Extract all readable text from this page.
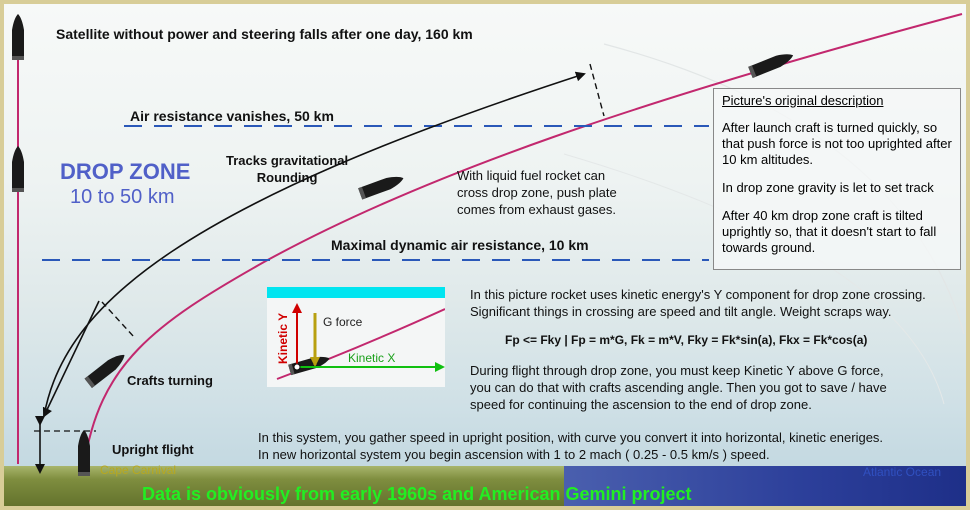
G force
Kinetic X
Kinetic Y
Satellite without power and steering falls after one day, 160 km
Air resistance vanishes, 50 km
Maximal dynamic air resistance, 10 km
Tracks gravitational
Rounding
Crafts turning
Upright flight
DROP ZONE
10 to 50 km
With liquid fuel rocket can
cross drop zone, push plate
comes from exhaust gases.
Picture's original description
After launch craft is turned quickly, so that push force is not too uprighted after 10 km altitudes.
In drop zone gravity is let to set track
After 40 km drop zone craft is tilted uprightly so, that it doesn't start to fall towards ground.
In this picture rocket uses kinetic energy's Y component for drop zone crossing.
Significant things in crossing are speed and tilt angle. Weight scraps way.
Fp <= Fky | Fp = m*G, Fk = m*V, Fky = Fk*sin(a), Fkx = Fk*cos(a)
During flight through drop zone, you must keep Kinetic Y above G force,
you can do that with crafts ascending angle. Then you got to save / have
speed for continuing the ascension to the end of drop zone.
In this system, you gather speed in upright position, with curve you convert it into horizontal, kinetic eneriges.
In new horizontal system you begin ascension with 1 to 2 mach ( 0.25 - 0.5 km/s ) speed.
Cape Carnival	Atlantic Ocean
Data is obviously from early 1960s and American Gemini project
